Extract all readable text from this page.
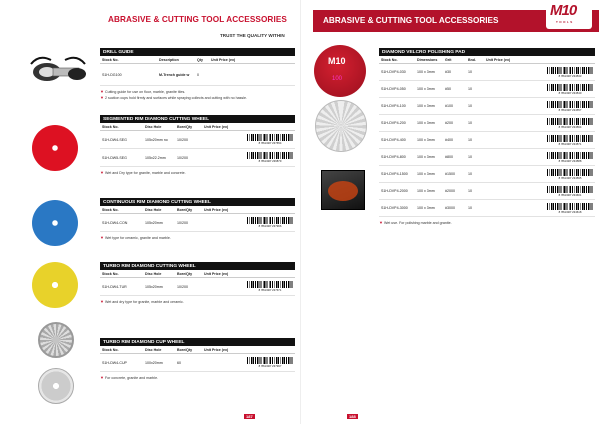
ABRASIVE & CUTTING TOOL ACCESSORIES
TRUST THE QUALITY WITHIN
DRILL GUIDE
Stock No.	Description	Qty	Unit Price (ex)
S1H-DG100	M-Trench guide w	0
▼Cutting guide for use on floor, marble, granite tiles.
▼2 suction cups hold firmly and surfaces while spraying collects and cutting with no hassle.
SEGMENTED RIM DIAMOND CUTTING WHEEL
Stock No.	Disc Hole	Bore/Qty	Unit Price (ex)
S1H-DW4-SEG	105x20mm no	10/200
8 '861328 '237654
S1H-DW5-SEG	105x22.2mm	10/200
8 '861328 '236879
▼Wet and Dry type for granite, marble and concrete.
CONTINUOUS RIM DIAMOND CUTTING WHEEL
Stock No.	Disc Hole	Bore/Qty	Unit Price (ex)
S1H-DW4-CON	105x20mm	10/200
8 '861328 '237966
▼Wet type for ceramic, granite and marble.
TURBO RIM DIAMOND CUTTING WHEEL
Stock No.	Disc Hole	Bore/Qty	Unit Price (ex)
S1H-DW4-TUR	105x20mm	10/200
8 '861328 '237671
▼Wet and dry type for granite, marble and ceramic.
TURBO RIM DIAMOND CUP WHEEL
Stock No.	Disc Hole	Bore/Qty	Unit Price (ex)
S1H-DW4-CUP	100x20mm	60
8 '861328 '237997
▼For concrete, granite and marble.
187
ABRASIVE & CUTTING TOOL ACCESSORIES
M10
TOOLS
M10
100
DIAMOND VELCRO POLISHING PAD
Stock No.	Dimensions	Grit	Bnd.	Unit Price (ex)
S1H-DVP4-030	100 x 3mm	#30	10
8 '861328 '234533
S1H-DVP4-050	100 x 3mm	#50	10
8 '861328 '234540
S1H-DVP4-100	100 x 3mm	#100	10
8 '861328 '234557
S1H-DVP4-200	100 x 3mm	#200	10
8 '861328 '234564
S1H-DVP4-400	100 x 3mm	#400	10
8 '861328 '234571
S1H-DVP4-800	100 x 3mm	#800	10
8 '861328 '234588
S1H-DVP4-1500	100 x 3mm	#1500	10
8 '861328 '234595
S1H-DVP4-2000	100 x 3mm	#2000	10
8 '861328 '234601
S1H-DVP4-3000	100 x 3mm	#3000	10
8 '861328 '234618
▼Wet use. For polishing marble and granite.
188
